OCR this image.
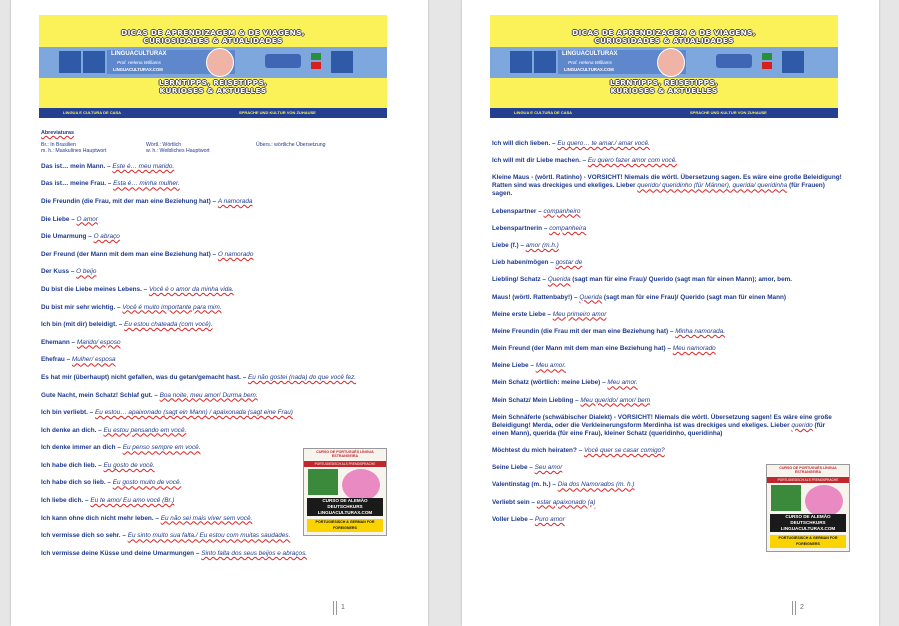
DICAS DE APRENDIZAGEM & DE VIAGENS,
CURIOSIDADES & ATUALIDADES
LINGUACULTURAX
Prof. Helena Williams
LINGUACULTURAX.COM
LERNTIPPS, REISETIPPS,
KURIOSES & AKTUELLES
LINGUA E CULTURA DE CASA	SPRACHE UND KULTUR VON ZUHAUSE
Abreviaturas
Br.: In Brasilien	Wörtl.: Wörtlich	Übers.: wörtliche Übersetzung
m. h.: Maskulines Hauptwort	w. h.: Weibliches Hauptwort

Das ist… mein Mann. – Este é… meu marido.

Das ist… meine Frau. – Esta é… minha mulher.

Die Freundin (die Frau, mit der man eine Beziehung hat) – A namorada

Die Liebe – O amor

Die Umarmung – O abraço

Der Freund (der Mann mit dem man eine Beziehung hat) – O namorado

Der Kuss – O beijo

Du bist die Liebe meines Lebens. – Você é o amor da minha vida.

Du bist mir sehr wichtig. – Você é muito importante para mim.

Ich bin (mit dir) beleidigt. – Eu estou chateada (com você).

Ehemann – Marido/ esposo

Ehefrau – Mulher/ esposa

Es hat mir (überhaupt) nicht gefallen, was du getan/gemacht hast. – Eu não gostei (nada) do que você fez.

Gute Nacht, mein Schatz! Schlaf gut. – Boa noite, meu amor! Durma bem.

Ich bin verliebt. – Eu estou… apaixonado (sagt ein Mann) / apaixonada (sagt eine Frau)

Ich denke an dich. – Eu estou pensando em você.

Ich denke immer an dich – Eu penso sempre em você.

Ich habe dich lieb. – Eu gosto de você.

Ich habe dich so lieb. – Eu gosto muito de você.

Ich liebe dich. – Eu te amo/ Eu amo você (Br.)

Ich kann ohne dich nicht mehr leben. – Eu não sei mais viver sem você.

Ich vermisse dich so sehr. – Eu sinto muito sua falta./ Eu estou com muitas saudades.

Ich vermisse deine Küsse und deine Umarmungen – Sinto falta dos seus beijos e abraços.

CURSO DE PORTUGUÊS LÍNGUA ESTRANGEIRA
PORTUGIESISCH ALS FREMDSPRACHE
CURSO DE ALEMÃO
DEUTSCHKURS
LINGUACULTURAX.COM
PORTUGIESISCH & GERMAN FOR FOREIGNERS
1
DICAS DE APRENDIZAGEM & DE VIAGENS,
CURIOSIDADES & ATUALIDADES
LINGUACULTURAX
Prof. Helena Williams
LINGUACULTURAX.COM
LERNTIPPS, REISETIPPS,
KURIOSES & AKTUELLES
LINGUA E CULTURA DE CASA	SPRACHE UND KULTUR VON ZUHAUSE

Ich will dich lieben. – Eu quero… te amar./ amar você.

Ich will mit dir Liebe machen. – Eu quero fazer amor com você.

Kleine Maus - (wörtl. Ratinho) - VORSICHT! Niemals die wörtl. Übersetzung sagen. Es wäre eine große Beleidigung! Ratten sind was dreckiges und ekeliges. Lieber querido/ queridinho (für Männer), querida/ queridinha (für Frauen) sagen.

Lebenspartner – companheiro

Lebenspartnerin – companheira

Liebe (f.) – amor (m.h.)

Lieb haben/mögen – gostar de

Liebling/ Schatz – Querida (sagt man für eine Frau)/ Querido (sagt man für einen Mann); amor, bem.

Maus! (wörtl. Rattenbaby!) – Querida (sagt man für eine Frau)/ Querido (sagt man für einen Mann)

Meine erste Liebe – Meu primeiro amor

Meine Freundin (die Frau mit der man eine Beziehung hat) – Minha namorada.

Mein Freund (der Mann mit dem man eine Beziehung hat) – Meu namorado

Meine Liebe – Meu amor.

Mein Schatz (wörtlich: meine Liebe) – Meu amor.

Mein Schatz/ Mein Liebling – Meu querido/ amor/ bem

Mein Schnäferle (schwäbischer Dialekt) - VORSICHT! Niemals die wörtl. Übersetzung sagen! Es wäre eine große Beleidigung! Merda, oder die Verkleinerungsform Merdinha ist was dreckiges und ekeliges. Lieber querido (für einen Mann), querida (für eine Frau), kleiner Schatz (queridinho, queridinha)

Möchtest du mich heiraten? – Você quer se casar comigo?

Seine Liebe – Seu amor

Valentinstag (m. h.) – Dia dos Namorados (m. h.)

Verliebt sein – estar apaixonado (a)

Voller Liebe – Puro amor

CURSO DE PORTUGUÊS LÍNGUA ESTRANGEIRA
PORTUGIESISCH ALS FREMDSPRACHE
CURSO DE ALEMÃO
DEUTSCHKURS
LINGUACULTURAX.COM
PORTUGIESISCH & GERMAN FOR FOREIGNERS
2
